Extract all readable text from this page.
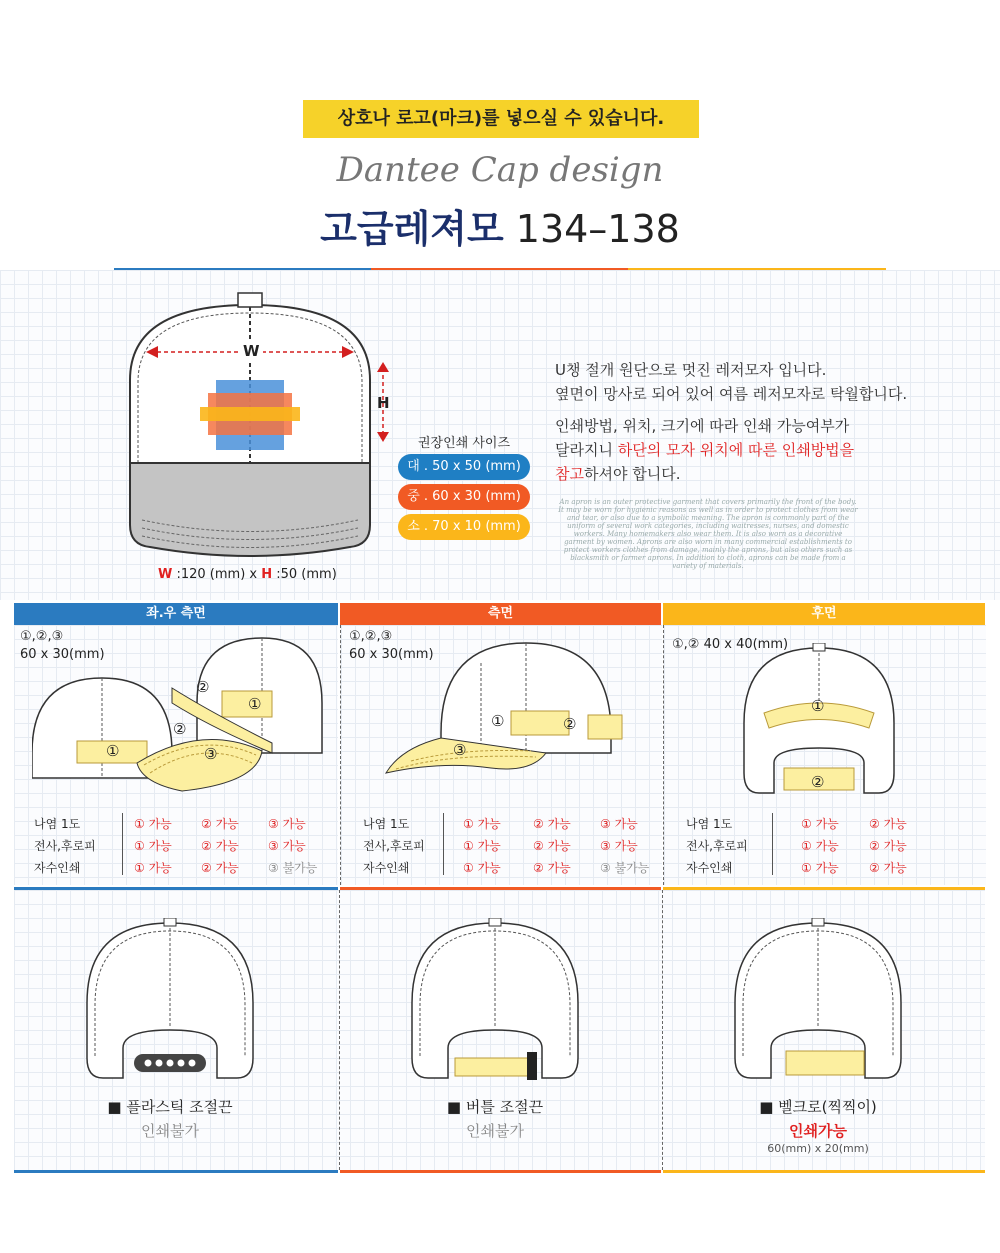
상호나 로고(마크)를 넣으실 수 있습니다.
Dantee Cap design
고급레져모 134–138
W
H
W :120 (mm) x H :50 (mm)
권장인쇄 사이즈
대 . 50 x 50 (mm)
중 . 60 x 30 (mm)
소 . 70 x 10 (mm)
U챙 절개 원단으로 멋진 레저모자 입니다.
옆면이 망사로 되어 있어 여름 레저모자로 탁월합니다.
인쇄방법, 위치, 크기에 따라 인쇄 가능여부가
달라지니 하단의 모자 위치에 따른 인쇄방법을
참고하셔야 합니다.
An apron is an outer protective garment that covers primarily the front of the body. It may be worn for hygienic reasons as well as in order to protect clothes from wear and tear, or also due to a symbolic meaning. The apron is commonly part of the uniform of several work categories, including waitresses, nurses, and domestic workers. Many homemakers also wear them. It is also worn as a decorative garment by women. Aprons are also worn in many commercial establishments to protect workers clothes from damage, mainly the aprons, but also others such as blacksmith or farmer aprons. In addition to cloth, aprons can be made from a variety of materials.
좌.우 측면	측면	후면
①,②,③
60 x 30(mm)
①
②
③
①
②
나염 1도	① 가능 ② 가능 ③ 가능
전사,후로피	① 가능 ② 가능 ③ 가능
자수인쇄	① 가능 ② 가능 ③ 불가능
①,②,③
60 x 30(mm)
①	②
③
나염 1도	① 가능	② 가능 ③ 가능
전사,후로피	① 가능	② 가능 ③ 가능
자수인쇄	① 가능	② 가능 ③ 불가능
①,② 40 x 40(mm)
①
②
나염 1도	① 가능	② 가능
전사,후로피	① 가능	② 가능
자수인쇄	① 가능	② 가능
■ 플라스틱 조절끈
인쇄불가
■ 버틀 조절끈
인쇄불가
■ 벨크로(찍찍이)
인쇄가능
60(mm) x 20(mm)
